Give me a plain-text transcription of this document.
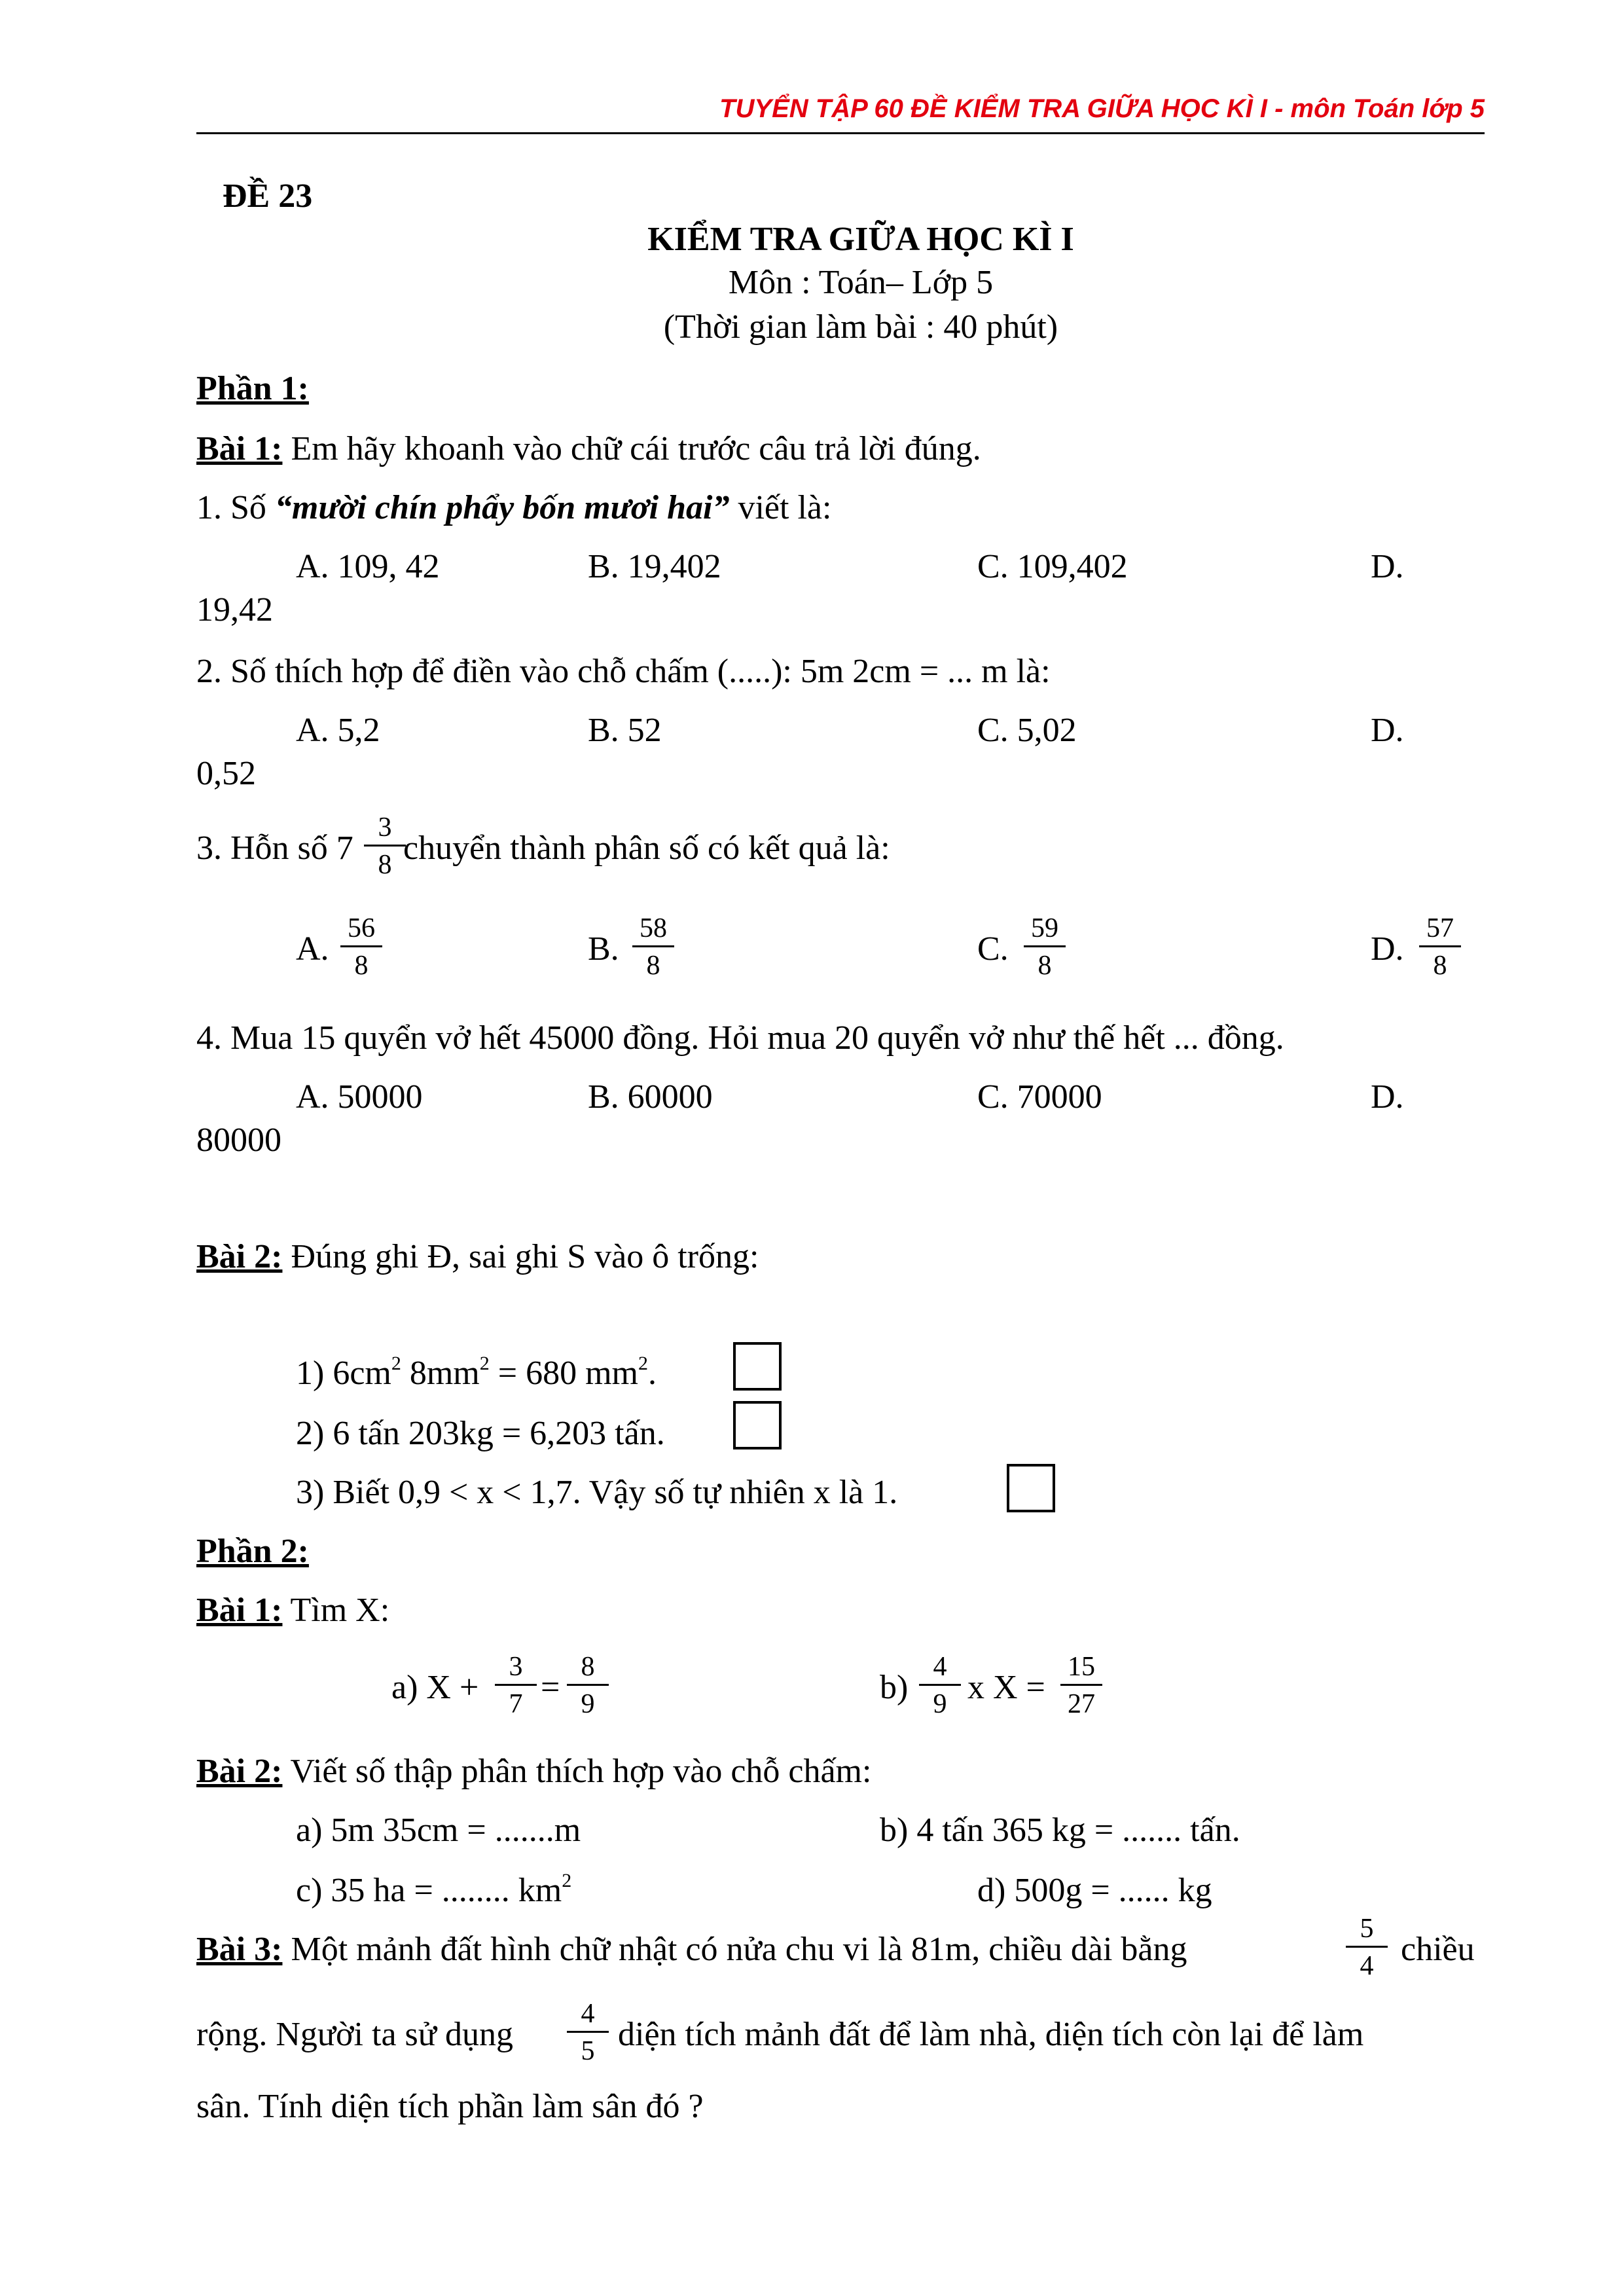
TUYỂN TẬP 60 ĐỀ KIỂM TRA GIỮA HỌC KÌ I - môn Toán lớp 5
ĐỀ 23
KIỂM TRA GIỮA HỌC KÌ I
Môn : Toán– Lớp 5
(Thời gian làm bài : 40 phút)
Phần 1:
Bài 1: Em hãy khoanh vào chữ cái trước câu trả lời đúng.
1. Số “mười chín phẩy bốn mươi hai” viết là:
A. 109, 42	B. 19,402	C. 109,402	D.
19,42
2. Số thích hợp để điền vào chỗ chấm (.....): 5m 2cm = ... m là:
A. 5,2	B. 52	C. 5,02	D.
0,52
3. Hỗn số $7 \frac{3}{8}$
chuyển thành phân số có kết quả là:
A. $\frac{56}{8}$	B. $\frac{58}{8}$	C. $\frac{59}{8}$	D. $\frac{57}{8}$
4. Mua 15 quyển vở hết 45000 đồng. Hỏi mua 20 quyển vở như thế hết ... đồng.
A. 50000	B. 60000	C. 70000	D.
80000
Bài 2: Đúng ghi Đ, sai ghi S vào ô trống:
1) $6cm^2$ $8mm^2 = 680$ $mm^2$.
2) 6 tấn 203kg = 6,203 tấn.
3) Biết 0,9 < x < 1,7. Vậy số tự nhiên x là 1.
Phần 2:
Bài 1: Tìm X:
a) $X + \frac{3}{7} = \frac{8}{9}$	$b) \frac{4}{9}$ x $X = \frac{15}{27}$
Bài 2: Viết số thập phân thích hợp vào chỗ chấm:
a) 5m 35cm = .......m	b) 4 tấn 365 kg = ....... tấn.
c) 35 ha = ........ $km^2$	d) 500g = ...... kg
Bài 3: Một mảnh đất hình chữ nhật có nửa chu vi là 81m, chiều dài bằng	$\frac{5}{4}$ chiều
rộng. Người ta sử dụng $\frac{4}{5}$ diện tích mảnh đất để làm nhà, diện tích còn lại để làm
sân. Tính diện tích phần làm sân đó ?
